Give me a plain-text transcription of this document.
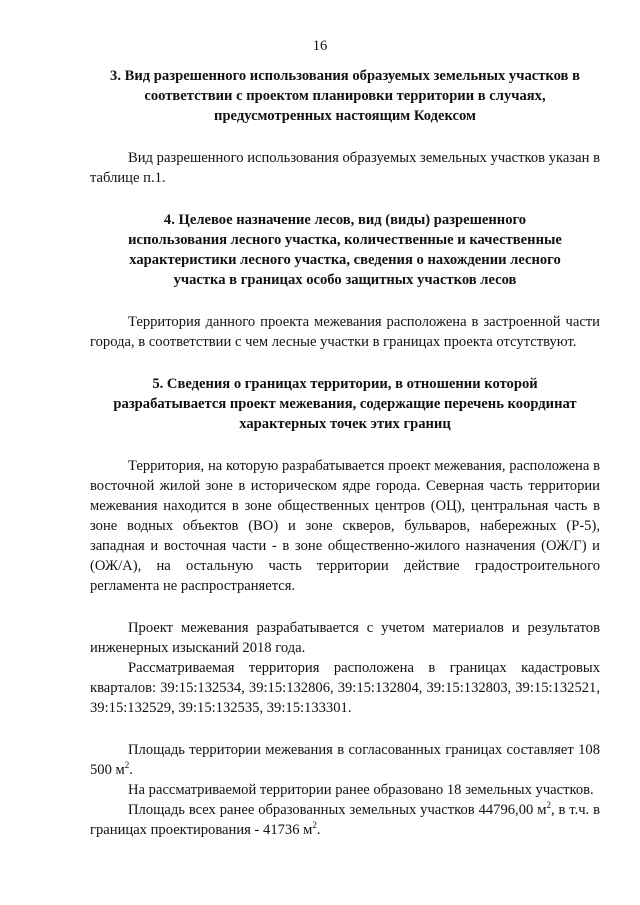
16
3. Вид разрешенного использования образуемых земельных участков в
соответствии с проектом планировки территории в случаях,
предусмотренных настоящим Кодексом

Вид разрешенного использования образуемых земельных участков указан в таблице п.1.

4. Целевое назначение лесов, вид (виды) разрешенного
использования лесного участка, количественные и качественные
характеристики лесного участка, сведения о нахождении лесного
участка в границах особо защитных участков лесов

Территория данного проекта межевания расположена в застроенной части города, в соответствии с чем лесные участки в границах проекта отсутствуют.

5. Сведения о границах территории, в отношении которой
разрабатывается проект межевания, содержащие перечень координат
характерных точек этих границ

Территория, на которую разрабатывается проект межевания, расположена в восточной жилой зоне в историческом ядре города. Северная часть территории межевания находится в зоне общественных центров (ОЦ), центральная часть в зоне водных объектов (ВО) и зоне скверов, бульваров, набережных (Р-5), западная и восточная части - в зоне общественно-жилого назначения (ОЖ/Г) и (ОЖ/А), на остальную часть территории действие градостроительного регламента не распространяется.

Проект межевания разрабатывается с учетом материалов и результатов инженерных изысканий 2018 года.

Рассматриваемая территория расположена в границах кадастровых кварталов: 39:15:132534, 39:15:132806, 39:15:132804, 39:15:132803, 39:15:132521, 39:15:132529, 39:15:132535, 39:15:133301.

Площадь территории межевания в согласованных границах составляет 108 500 $м^2$.

На рассматриваемой территории ранее образовано 18 земельных участков.

Площадь всех ранее образованных земельных участков 44796,00 $м^2$, в т.ч. в границах проектирования - 41736 $м^2$.
